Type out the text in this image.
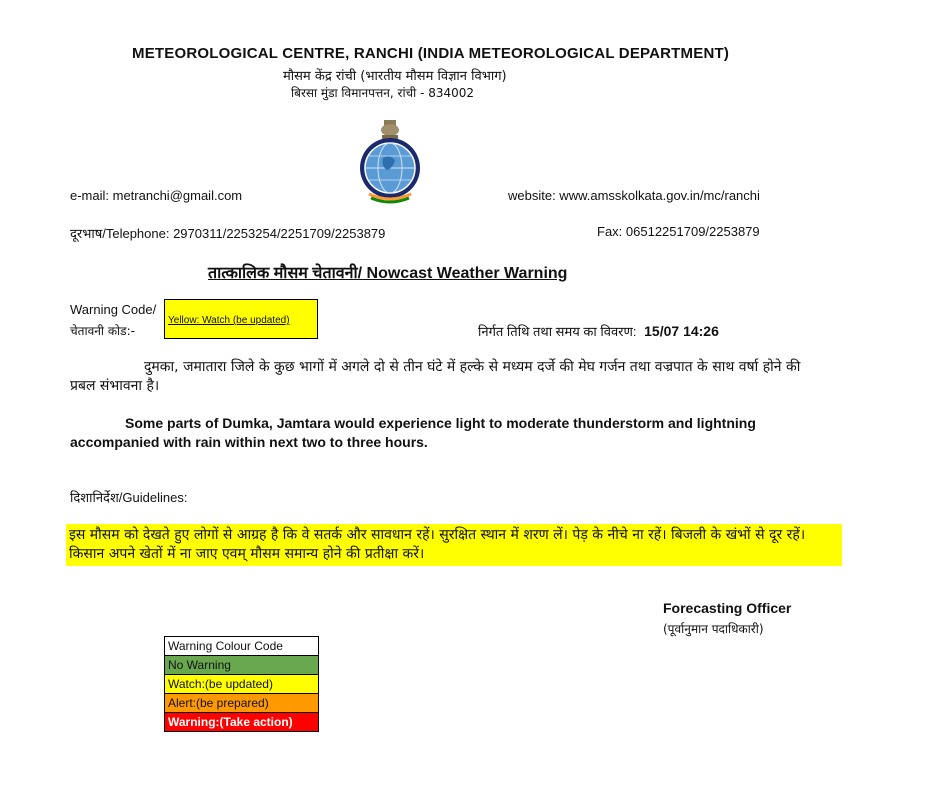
METEOROLOGICAL CENTRE, RANCHI (INDIA METEOROLOGICAL DEPARTMENT)
मौसम केंद्र रांची (भारतीय मौसम विज्ञान विभाग)
बिरसा मुंडा विमानपत्तन, रांची - 834002
e-mail: metranchi@gmail.com	website: www.amsskolkata.gov.in/mc/ranchi
दूरभाष/Telephone: 2970311/2253254/2251709/2253879	Fax: 06512251709/2253879
तात्कालिक मौसम चेतावनी/ Nowcast Weather Warning
Warning Code/
चेतावनी कोड:-
Yellow: Watch (be updated)
निर्गत तिथि तथा समय का विवरण: 15/07 14:26
दुमका, जमातारा जिले के कुछ भागों में अगले दो से तीन घंटे में हल्के से मध्यम दर्जे की मेघ गर्जन तथा वज्रपात के साथ वर्षा होने की प्रबल संभावना है।
Some parts of Dumka, Jamtara would experience light to moderate thunderstorm and lightning accompanied with rain within next two to three hours.
दिशानिर्देश/Guidelines:
इस मौसम को देखते हुए लोगों से आग्रह है कि वे सतर्क और सावधान रहें। सुरक्षित स्थान में शरण लें। पेड़ के नीचे ना रहें। बिजली के खंभों से दूर रहें। किसान अपने खेतों में ना जाए एवम् मौसम समान्य होने की प्रतीक्षा करें।
Forecasting Officer
(पूर्वानुमान पदाधिकारी)
Warning Colour Code
No Warning
Watch:(be updated)
Alert:(be prepared)
Warning:(Take action)
